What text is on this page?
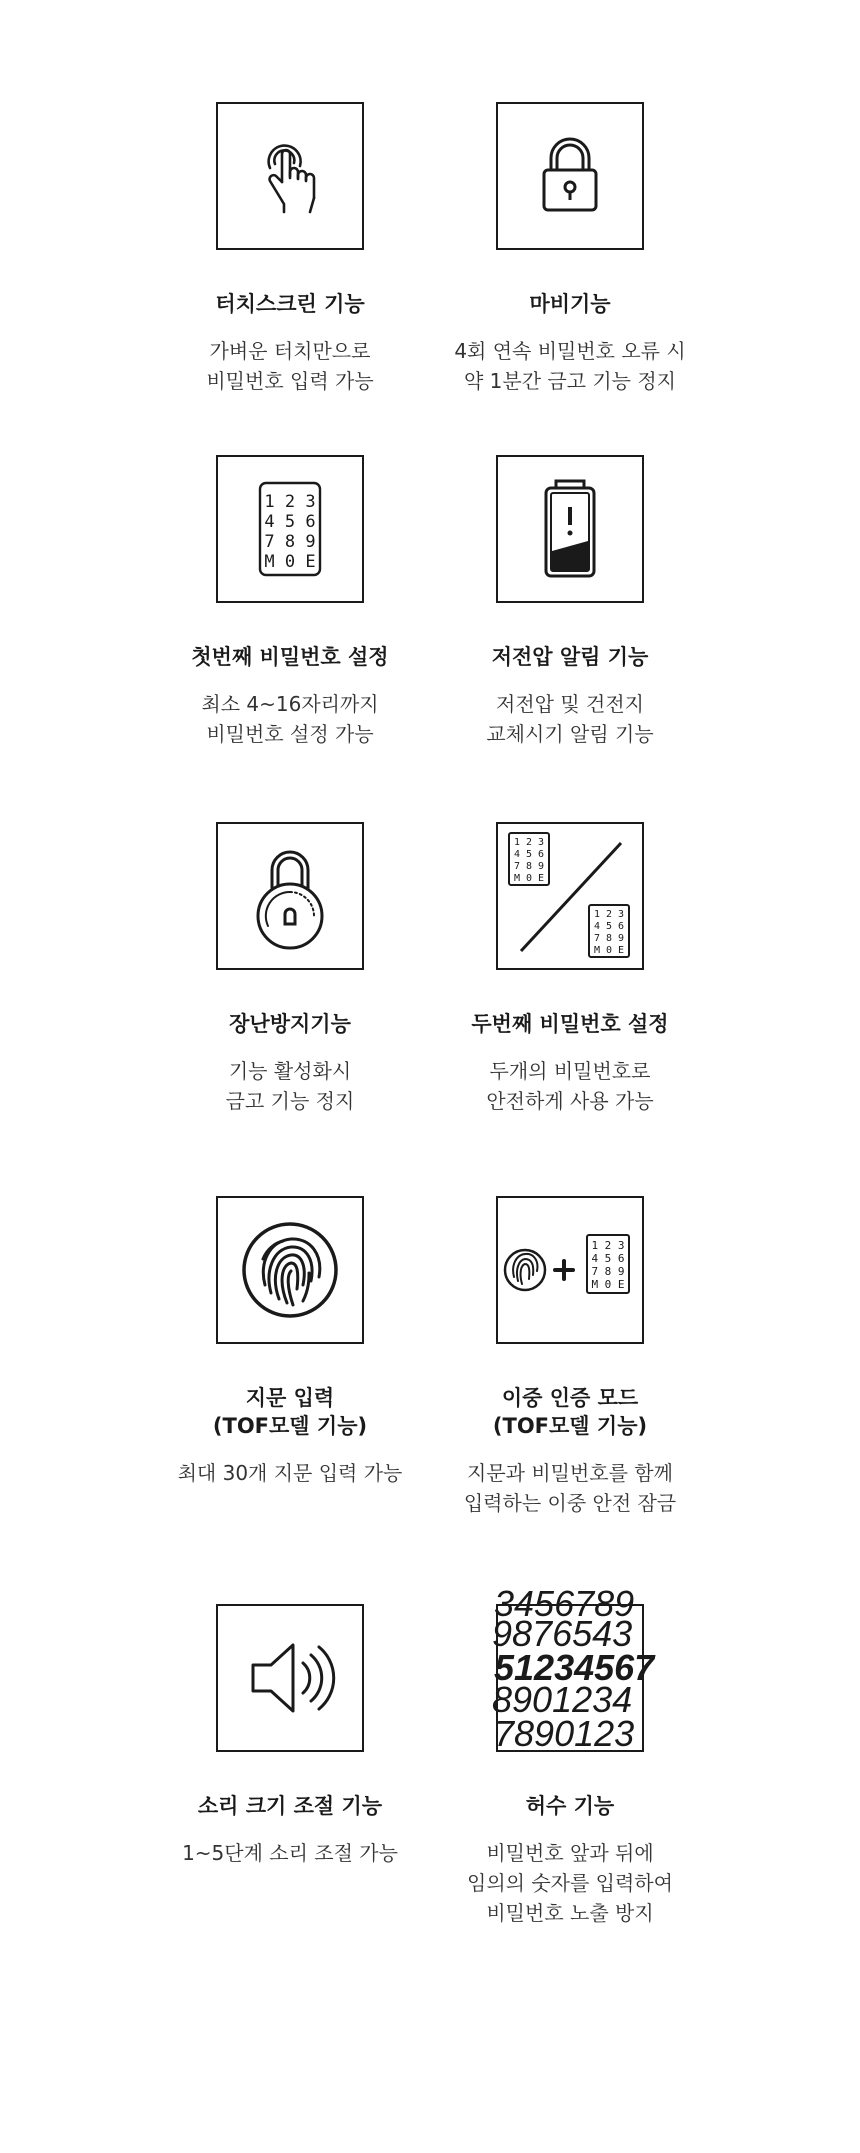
터치스크린 기능
가벼운 터치만으로
비밀번호 입력 가능
마비기능
4회 연속 비밀번호 오류 시
약 1분간 금고 기능 정지
1 2 3
4 5 6
7 8 9
M 0 E
첫번째 비밀번호 설정
최소 4~16자리까지
비밀번호 설정 가능
저전압 알림 기능
저전압 및 건전지
교체시기 알림 기능
장난방지기능
기능 활성화시
금고 기능 정지
1 2 3
4 5 6
7 8 9
M 0 E
1 2 3
4 5 6
7 8 9
M 0 E
두번째 비밀번호 설정
두개의 비밀번호로
안전하게 사용 가능
지문 입력
(TOF모델 기능)
최대 30개 지문 입력 가능
1 2 3
4 5 6
7 8 9
M 0 E
이중 인증 모드
(TOF모델 기능)
지문과 비밀번호를 함께
입력하는 이중 안전 잠금
소리 크기 조절 기능
1~5단계 소리 조절 가능
3456789
9876543
51234567
8901234
7890123
허수 기능
비밀번호 앞과 뒤에
임의의 숫자를 입력하여
비밀번호 노출 방지
